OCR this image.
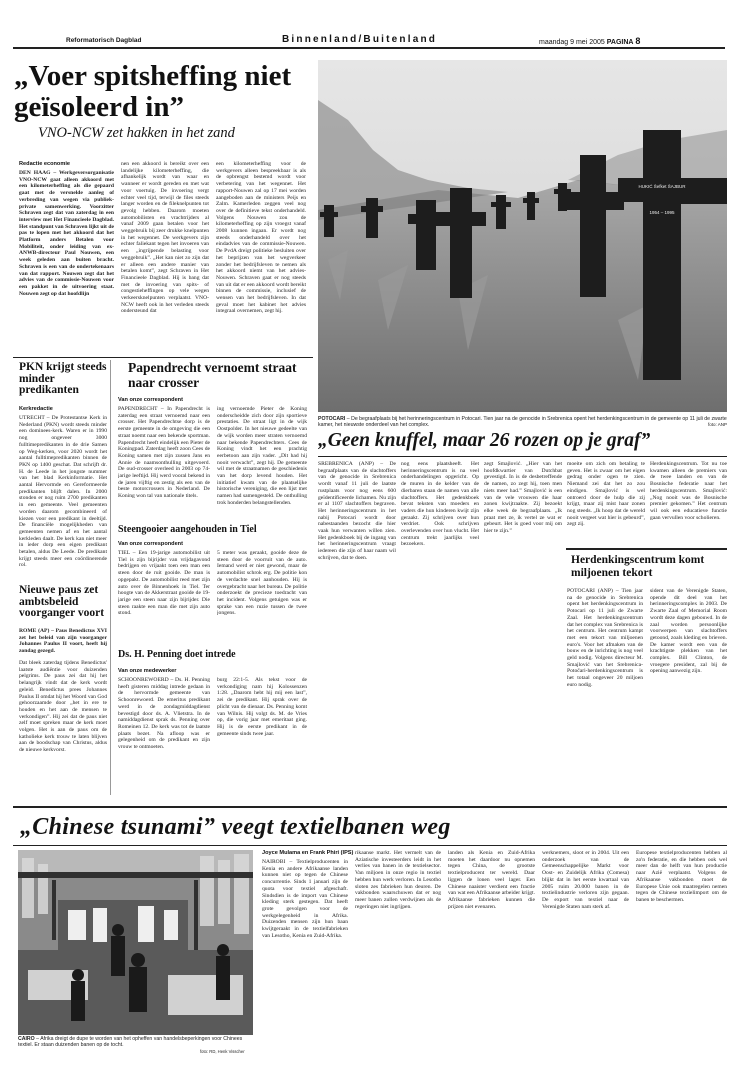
Reformatorisch Dagblad	Binnenland/Buitenland	maandag 9 mei 2005 PAGINA 8
„Voer spitsheffing niet geïsoleerd in”
VNO-NCW zet hakken in het zand
Redactie economie
DEN HAAG – Werkgeversorganisatie VNO-NCW gaat alleen akkoord met een kilometerheffing als die gepaard gaat met de versnelde aanleg of verbreding van wegen via publiek-private samenwerking. Voorzitter Schraven zegt dat van zaterdag in een interview met Het Financieele Dagblad. Het standpunt van Schraven lijkt uit de pas te lopen met het akkoord dat het Platform anders Betalen voor Mobiliteit, onder leiding van ex-ANWB-directeur Paul Nouwen, een week geleden aan buiten bracht. Schraven is een van de ondertekenaars van dat rapport. Nouwen zegt dat het advies van de commissie-Nouwen voor een pakket in de uitvoering staat. Nouwen zegt op dat hoofdlijn
nen een akkoord is bereikt over een landelijke kilometerheffing, die afhankelijk wordt van waar en wanneer er wordt gereden en met wat voor voertuig. De invoering vergt echter veel tijd, terwijl de files steeds langer worden en de fileknelpunten tot gevolg hebben. Daarom moeten automobilisten en vrachtrijders al vanaf 2009 gaan betalen voor het weggebruik bij zeer drukke knelpunten in het wegennet. De werkgevers zijn echter faliekant tegen het invoeren van een „ingrijpende belasting voor weggebruik”. „Het kan niet zo zijn dat er alleen een andere manier van betalen komt”, zegt Schraven in Het Financieele Dagblad. Hij is bang dat met de invoering van spits- of congestieheffingen op vele wegen verkeersknelpunten verplaatst. VNO-NCW heeft ook in het verleden steeds ondersteund dat
een kilometerheffing voor de werkgevers alleen bespreekbaar is als de opbrengst bestemd wordt voor verbetering van het wegennet. Het rapport-Nouwen zal op 17 mei worden aangeboden aan de ministers Peijs en Zalm. Kamerleden zeggen veel nog over de definitieve tekst onderhandeld. Volgens Nouwen zou de kilometerheffing op zijn vroegst vanaf 2008 kunnen ingaan. Er wordt nog steeds onderhandeld over het eindadvies van de commissie-Nouwen. De PvdA dreigt politieke besluiten over het beprijzen van het wegverkeer zonder het bedrijfsleven te nemen als het akkoord niemt van het advies-Nouwen. Schraven gaat er nog steeds van uit dat er een akkoord wordt bereikt binnen de commissie, inclusief de wensen van het bedrijfsleven. In dat geval moet het kabinet het advies integraal overnemen, zegt hij.
PKN krijgt steeds minder predikanten
Kerkredactie
UTRECHT – De Protestantse Kerk in Nederland (PKN) wordt steeds minder een dominees-kerk. Waren er in 1990 nog ongeveer 3000 fulltimepredikanten in de drie Samen op Weg-kerken, voor 2020 wordt het aantal fulltimepredikanten binnen de PKN op 1400 geschat. Dat schrijft dr. H. de Leede in het jongste nummer van het blad Kerkinformatie. Het aantal Hervormde en Gereformeerde predikanten blijft dalen. In 2000 stonden er nog ruim 2700 predikanten in een gemeente. Veel gemeenten worden daarom gecombineerd of kiezen voor een predikant in deeltijd. De financiële mogelijkheden van gemeenten nemen af en het aantal kerkleden daalt. De kerk kan niet meer in ieder dorp een eigen predikant betalen, aldus De Leede. De predikant krijgt steeds meer een coördinerende rol.
Nieuwe paus zet ambtsbeleid voorganger voort
ROME (AP) – Paus Benedictus XVI zet het beleid van zijn voorganger Johannes Paulus II voort, heeft hij zondag gezegd.
Dat bleek zaterdag tijdens Benedictus' laatste audiëntie voor duizenden pelgrims. De paus zei dat hij het belangrijk vindt dat de kerk wordt geleid. Benedictus prees Johannes Paulus II omdat hij het Woord van God gehoorzaamde door „het in ere te houden en het aan de mensen te verkondigen”. Hij zei dat de paus niet zelf moet spreken maar de kerk moet volgen. Het is aan de paus om de katholieke kerk trouw te laten blijven aan de boodschap van Christus, aldus de nieuwe kerkvorst.
Papendrecht vernoemt straat naar crosser
Van onze correspondent
PAPENDRECHT – In Papendrecht is zaterdag een straat vernoemd naar een crosser. Het Papendrechtse dorp is de eerste gemeente in de omgeving die een straat noemt naar een bekende sportman. Papendrecht heeft eindelijk een Pieter de Koningpad. Zaterdag heeft zoon Cees de Koning samen met zijn zussen Jans en Annie de naamsonthulling uitgevoerd. De oud-crosser overleed in 2003 op 74-jarige leeftijd. Hij werd vooral bekend in de jaren vijftig en zestig als een van de beste motorcrossers in Nederland. De Koning won tal van nationale titels.
ing vernoemde Pieter de Koning onderscheidde zich door zijn sportieve prestaties. De straat ligt in de wijk Oostpolder. In het nieuwe gedeelte van de wijk worden meer straten vernoemd naar bekende Papendrechters. Cees de Koning vindt het een prachtig eerbetoon aan zijn vader. „Dit had hij nooit verwacht”, zegt hij. De gemeente wil met de straatnamen de geschiedenis van het dorp levend houden. Het initiatief kwam van de plaatselijke historische vereniging, die een lijst met namen had samengesteld. De onthulling trok honderden belangstellenden.
Steengooier aangehouden in Tiel
Van onze correspondent
TIEL – Een 19-jarige automobilist uit Tiel is zijn bijrijder van vrijdagavond bedrijgen en vrijaakt toen een man een steen door de ruit gooide. De man is opgepakt. De automobilist reed met zijn auto over de Binnenhoek in Tiel. Ter hoogte van de Akkerstraat gooide de 19-jarige een steen naar zijn bijrijder. Die steen raakte een man die met zijn auto stond.
5 meter was geraakt, gooide deze de steen door de voorruit van de auto. Iemand werd er niet gewond, maar de automobilist schrok erg. De politie kon de verdachte snel aanhouden. Hij is overgebracht naar het bureau. De politie onderzoekt de precieze toedracht van het incident. Volgens getuigen was er sprake van een ruzie tussen de twee jongens.
Ds. H. Penning doet intrede
Van onze medewerker
SCHOONREWOERD – Ds. H. Penning heeft gisteren middag intrede gedaan in de hervormde gemeente van Schoonrewoerd. De emeritus predikant werd in de zondagmiddagdienst bevestigd door ds. A. Vlietstra. In de namiddagdienst sprak ds. Penning over Romeinen 12. De kerk was tot de laatste plaats bezet. Na afloop was er gelegenheid om de predikant en zijn vrouw te ontmoeten.
burg 22:1-5. Als tekst voor de verkondiging nam hij Kolossenzen 1:28. „Daarom hebt hij mij een last”, zei de predikant. Hij sprak over de plicht van de dienaar. Ds. Penning komt van Wilnis. Hij volgt ds. M. de Vries op, die vorig jaar met emeritaat ging. Hij is de eerste predikant in de gemeente sinds twee jaar.
HUKIĆ Šefket ŠAJBUR
1954 – 1995
POTOCARI – De begraafplaats bij het herinneringscentrum in Potocari. Tien jaar na de genocide in Srebrenica opent het herdenkingscentrum in de gemeente op 11 juli de zwarte kamer, het nieuwste onderdeel van het complex.	foto: ANP
„Geen knuffel, maar 26 rozen op je graf”
SREBRENICA (ANP) – De begraafplaats van de slachtoffers van de genocide in Srebrenica wordt vanaf 11 juli de laatste rustplaats voor nog eens 600 geïdentificeerde lichamen. Nu zijn er al 1107 slachtoffers begraven. Het herinneringscentrum in het nabij Potocari wordt door nabestaanden bezocht die hier vaak hun verwanten willen zien. Het gedenkboek bij de ingang van het herinneringscentrum vraagt iedereen die zijn of haar naam wil schrijven, dat te doen.
nog eens plaatsheeft. Het herinneringscentrum is na veel onderhandelingen opgericht. Op de muren in de kelder van de dierbaren staan de namen van alle slachtoffers. Het gedenkboek bevat teksten van moeders en vaders die hun kinderen kwijt zijn geraakt. Zij schrijven over hun verdriet. Ook schrijven overlevenden over hun vlucht. Het centrum trekt jaarlijks veel bezoekers.
zegt Smajlović. „Hier van het hoofdkwartier van Dutchbat gevestigd. In is de desbetreffende de namen, zo zegt hij, toen men niets meer had.” Smajlović is een van de vele vrouwen die haar zonen kwijtraakte. Zij bezoekt elke week de begraafplaats. „Ik praat met ze, ik vertel ze wat er gebeurt. Het is goed voor mij om hier te zijn.”
moeite om zich om betaling te geven. Het is zwaar om het eigen gedrag onder ogen te zien. Niemand zei dat het zo zou eindigen. Smajlović is wel ontroerd door de hulp die zij krijgt, maar zij mist haar zonen nog steeds. „Ik hoop dat de wereld nooit vergeet wat hier is gebeurd”, zegt zij.
Herdenkingscentrum. Tot nu toe kwamen alleen de premiers van de twee landen en van de Bosnische federatie naar het herdenkingscentrum. Smajlović: „Nog nooit was de Bosnische premier gekomen.” Het centrum wil ook een educatieve functie gaan vervullen voor scholieren.
Herdenkingscentrum komt miljoenen tekort
POTOCARI (ANP) – Tien jaar na de genocide in Srebrenica opent het herdenkingscentrum in Potocari op 11 juli de Zwarte Zaal. Het herdenkingscentrum dat het complex van Srebrenica is het centrum. Het centrum kampt met een tekort van miljoenen euro's. Voor het afmaken van de bouw en de inrichting is nog veel geld nodig. Volgens directeur M. Smajlović van het Srebrenica-Potočari-herdenkingscentrum is het totaal ongeveer 20 miljoen euro nodig.
sident van de Verenigde Staten, opende dit deel van het herinneringscomplex in 2003. De Zwarte Zaal of Memorial Room wordt deze dagen gebouwd. In de zaal worden persoonlijke voorwerpen van slachtoffers getoond, zoals kleding en brieven. De kamer wordt een van de krachtigste plekken van het complex. Bill Clinton, de vroegere president, zal bij de opening aanwezig zijn.
„Chinese tsunami” veegt textielbanen weg
CAIRO – Afrika dreigt de dupe te worden van het opheffen van handelsbeperkingen voor Chinees textiel. Er staan duizenden banen op de tocht.
foto: RD, Henk Visscher
Joyce Mulama en Frank Phiri (IPS)
NAIROBI – Textielproducenten in Kenia en andere Afrikaanse landen kunnen niet op tegen de Chinese concurrentie. Sinds 1 januari zijn de quota voor textiel afgeschaft. Sindsdien is de import van Chinese kleding sterk gestegen. Dat heeft grote gevolgen voor de werkgelegenheid in Afrika. Duizenden mensen zijn hun baan kwijtgeraakt in de textielfabrieken van Lesotho, Kenia en Zuid-Afrika.
rikaanse markt. Het vermelt van de Aziatische investeerders leidt in het verlies van banen in de textielsector. Van miljoen in onze regio in textiel hebben hun werk verloren. In Lesotho sloten zes fabrieken hun deuren. De vakbonden waarschuwen dat er nog meer banen zullen verdwijnen als de regeringen niet ingrijpen.
landen als Kenia en Zuid-Afrika moeten het daardoor nu opnemen tegen China, de grootste textielproducent ter wereld. Daar liggen de lonen veel lager. Een Chinese naaister verdient een fractie van wat een Afrikaanse arbeider krijgt. Afrikaanse fabrieken kunnen die prijzen niet evenaren.
werknemers, sloot er in 2004. Uit een onderzoek van de Gemeenschappelijke Markt voor Oost- en Zuidelijk Afrika (Comesa) blijkt dat in het eerste kwartaal van 2005 ruim 20.000 banen in de textielindustrie verloren zijn gegaan. De export van textiel naar de Verenigde Staten nam sterk af.
Europese textielproducenten hebben al zo'n federatie, en die hebben ook wel meer dan de helft van hun productie naar Azië verplaatst. Volgens de Afrikaanse vakbonden moet de Europese Unie ook maatregelen nemen tegen de Chinese textielimport om de banen te beschermen.
